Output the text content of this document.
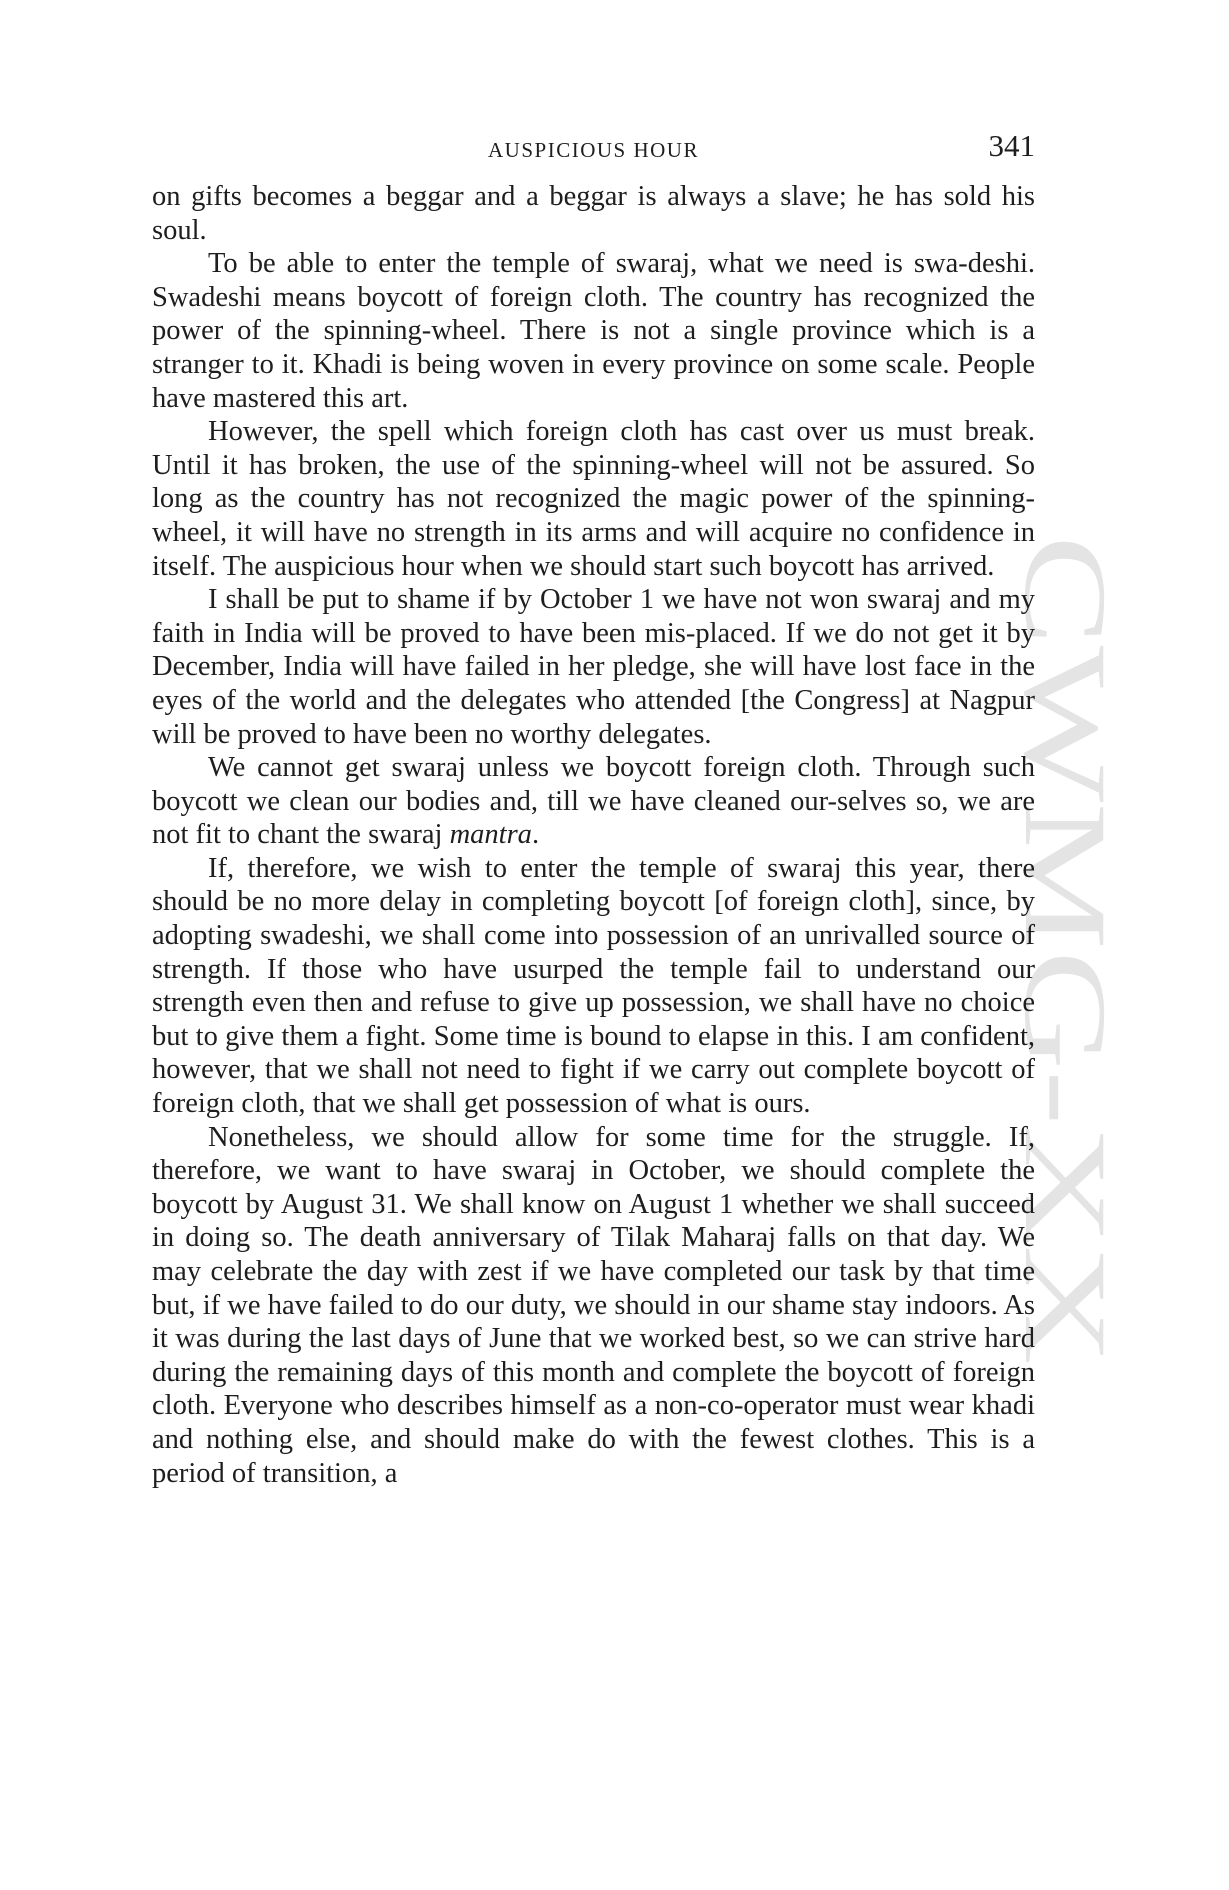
AUSPICIOUS HOUR	341
CWMG-XX

on gifts becomes a beggar and a beggar is always a slave; he has sold his soul.

To be able to enter the temple of swaraj, what we need is swa-deshi. Swadeshi means boycott of foreign cloth. The country has recognized the power of the spinning-wheel. There is not a single province which is a stranger to it. Khadi is being woven in every province on some scale. People have mastered this art.

However, the spell which foreign cloth has cast over us must break. Until it has broken, the use of the spinning-wheel will not be assured. So long as the country has not recognized the magic power of the spinning-wheel, it will have no strength in its arms and will acquire no confidence in itself. The auspicious hour when we should start such boycott has arrived.

I shall be put to shame if by October 1 we have not won swaraj and my faith in India will be proved to have been mis-placed. If we do not get it by December, India will have failed in her pledge, she will have lost face in the eyes of the world and the delegates who attended [the Congress] at Nagpur will be proved to have been no worthy delegates.

We cannot get swaraj unless we boycott foreign cloth. Through such boycott we clean our bodies and, till we have cleaned our-selves so, we are not fit to chant the swaraj mantra.

If, therefore, we wish to enter the temple of swaraj this year, there should be no more delay in completing boycott [of foreign cloth], since, by adopting swadeshi, we shall come into possession of an unrivalled source of strength. If those who have usurped the temple fail to understand our strength even then and refuse to give up possession, we shall have no choice but to give them a fight. Some time is bound to elapse in this. I am confident, however, that we shall not need to fight if we carry out complete boycott of foreign cloth, that we shall get possession of what is ours.

Nonetheless, we should allow for some time for the struggle. If, therefore, we want to have swaraj in October, we should complete the boycott by August 31. We shall know on August 1 whether we shall succeed in doing so. The death anniversary of Tilak Maharaj falls on that day. We may celebrate the day with zest if we have completed our task by that time but, if we have failed to do our duty, we should in our shame stay indoors. As it was during the last days of June that we worked best, so we can strive hard during the remaining days of this month and complete the boycott of foreign cloth. Everyone who describes himself as a non-co-operator must wear khadi and nothing else, and should make do with the fewest clothes. This is a period of transition, a
